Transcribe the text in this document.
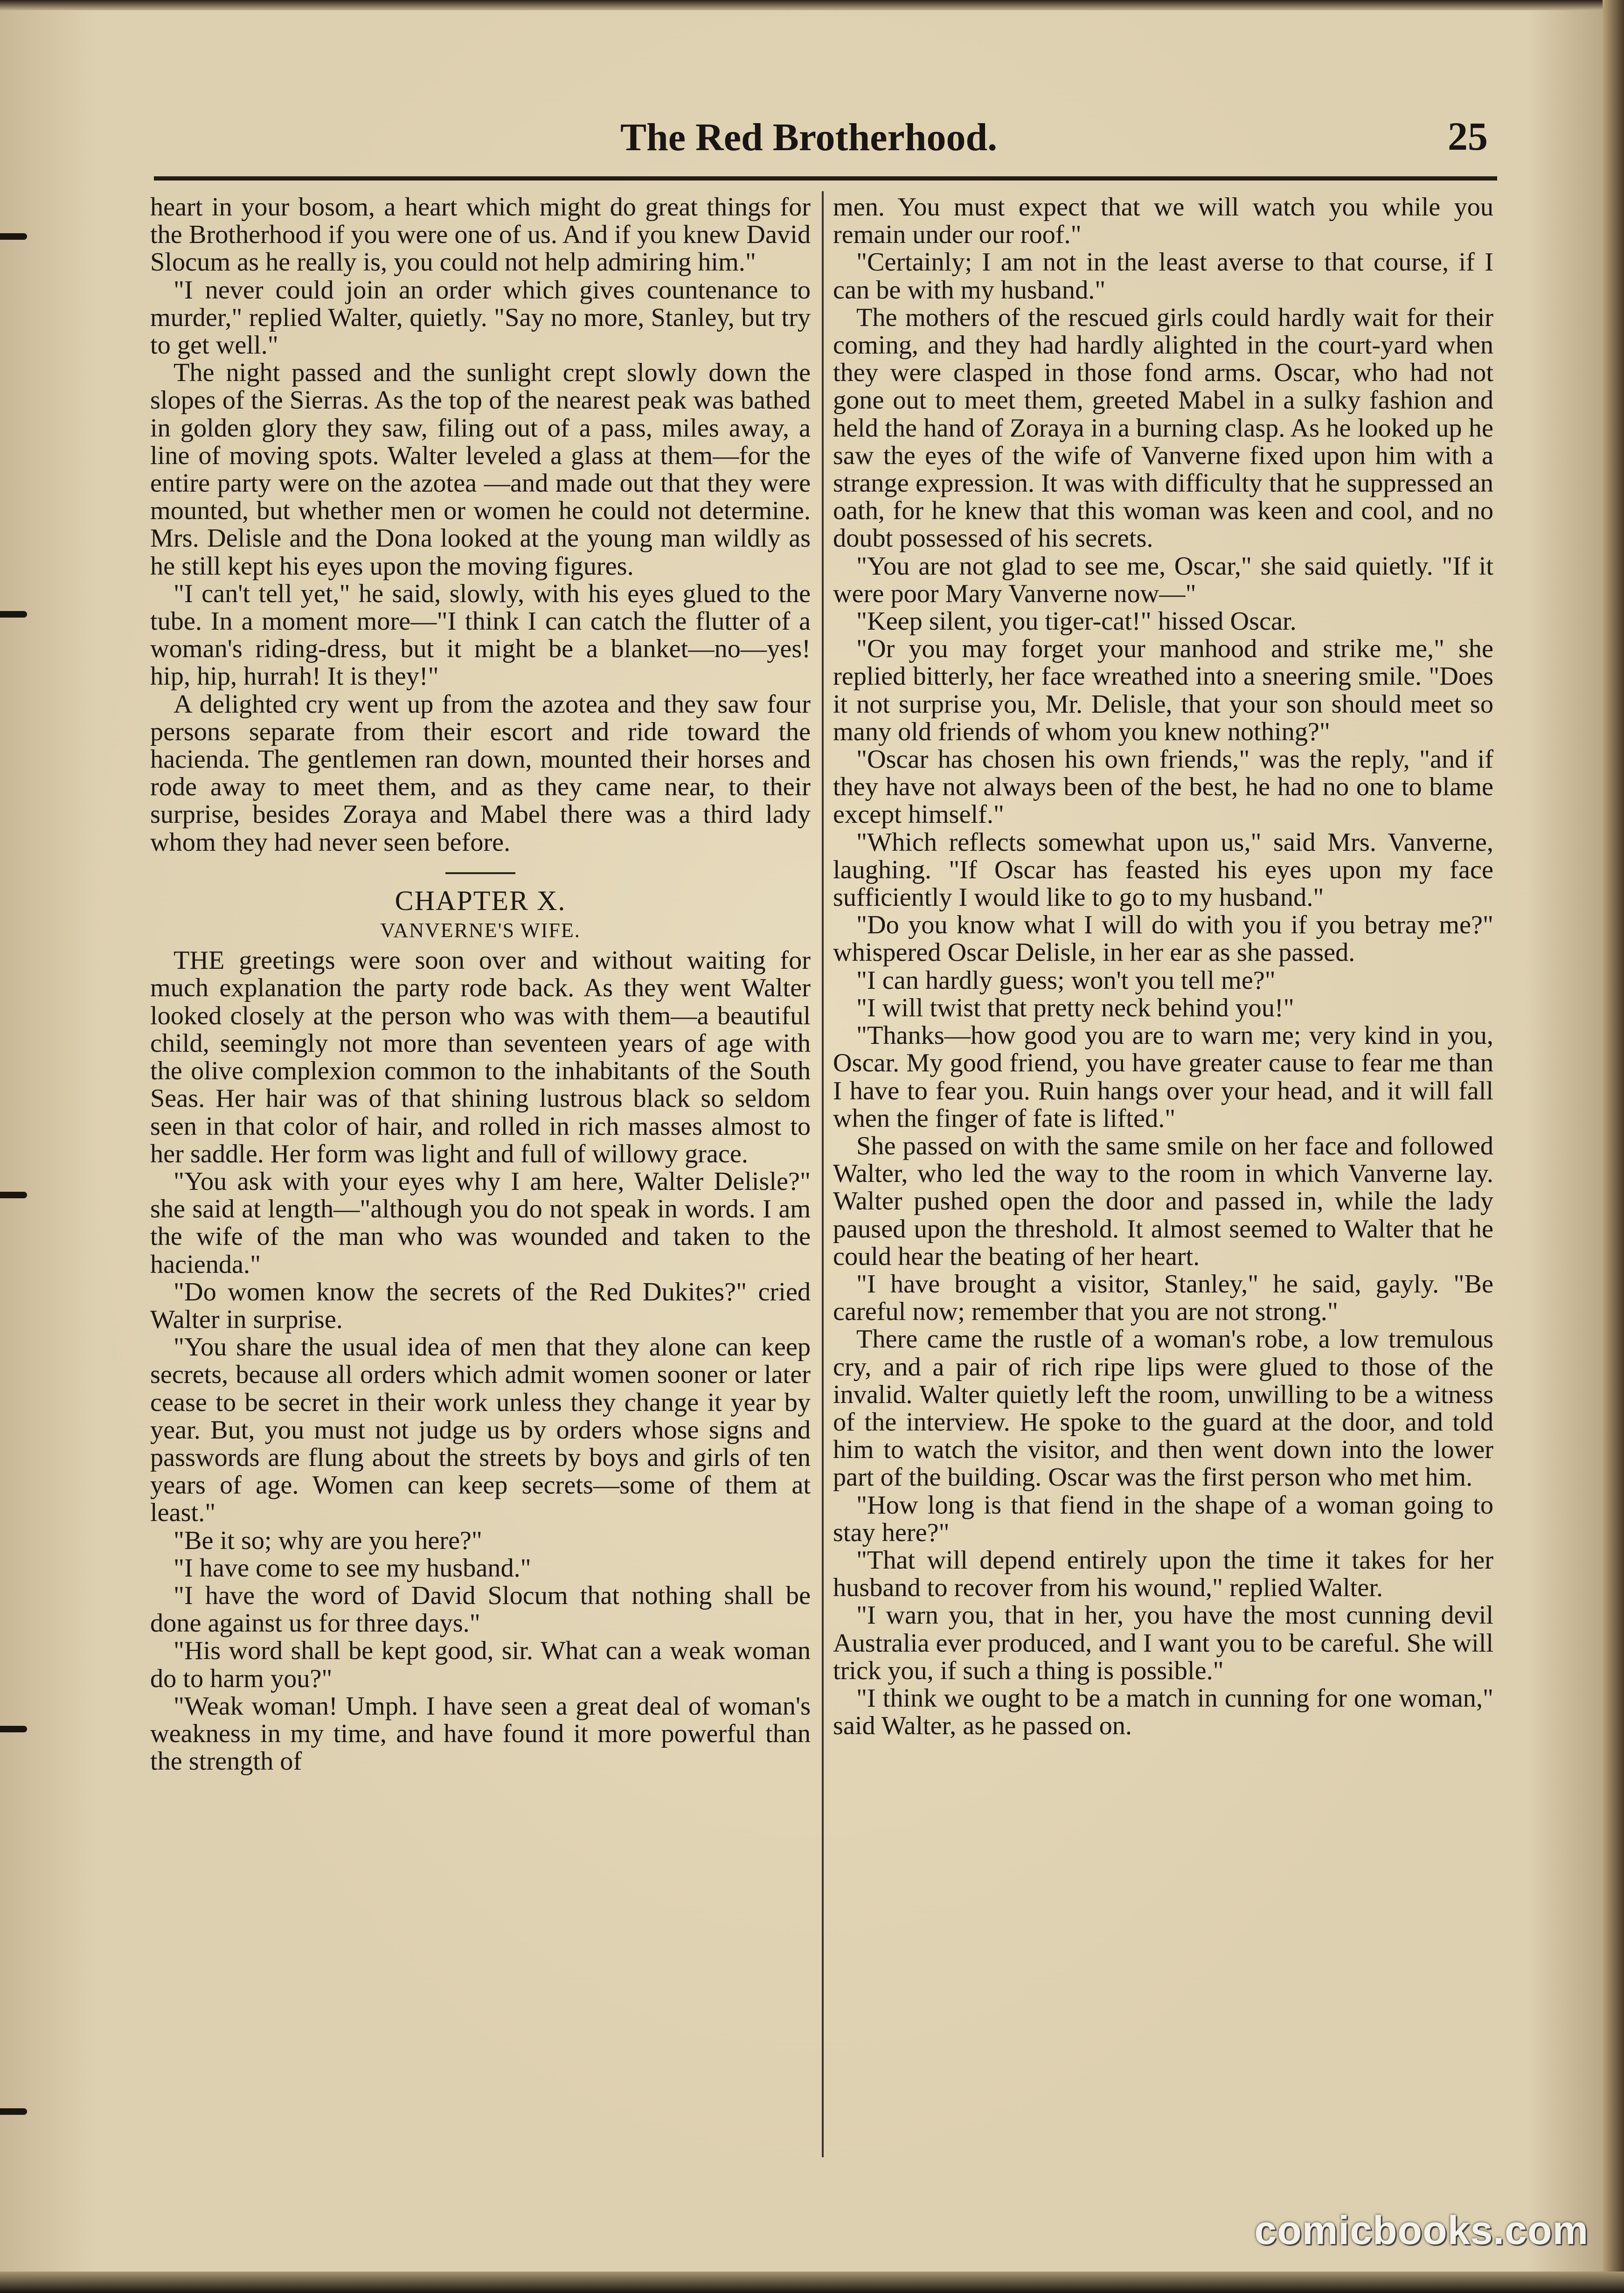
The Red Brotherhood.	25

heart in your bosom, a heart which might do great things for the Brotherhood if you were one of us. And if you knew David Slocum as he really is, you could not help admiring him."

"I never could join an order which gives countenance to murder," replied Walter, quietly. "Say no more, Stanley, but try to get well."

The night passed and the sunlight crept slowly down the slopes of the Sierras. As the top of the nearest peak was bathed in golden glory they saw, filing out of a pass, miles away, a line of moving spots. Walter leveled a glass at them—for the entire party were on the azotea —and made out that they were mounted, but whether men or women he could not determine. Mrs. Delisle and the Dona looked at the young man wildly as he still kept his eyes upon the moving figures.

"I can't tell yet," he said, slowly, with his eyes glued to the tube. In a moment more—"I think I can catch the flutter of a woman's riding-dress, but it might be a blanket—no—yes! hip, hip, hurrah! It is they!"

A delighted cry went up from the azotea and they saw four persons separate from their escort and ride toward the hacienda. The gentlemen ran down, mounted their horses and rode away to meet them, and as they came near, to their surprise, besides Zoraya and Mabel there was a third lady whom they had never seen before.

CHAPTER X.
VANVERNE'S WIFE.

THE greetings were soon over and without waiting for much explanation the party rode back. As they went Walter looked closely at the person who was with them—a beautiful child, seemingly not more than seventeen years of age with the olive complexion common to the inhabitants of the South Seas. Her hair was of that shining lustrous black so seldom seen in that color of hair, and rolled in rich masses almost to her saddle. Her form was light and full of willowy grace.

"You ask with your eyes why I am here, Walter Delisle?" she said at length—"although you do not speak in words. I am the wife of the man who was wounded and taken to the hacienda."

"Do women know the secrets of the Red Dukites?" cried Walter in surprise.

"You share the usual idea of men that they alone can keep secrets, because all orders which admit women sooner or later cease to be secret in their work unless they change it year by year. But, you must not judge us by orders whose signs and passwords are flung about the streets by boys and girls of ten years of age. Women can keep secrets—some of them at least."

"Be it so; why are you here?"

"I have come to see my husband."

"I have the word of David Slocum that nothing shall be done against us for three days."

"His word shall be kept good, sir. What can a weak woman do to harm you?"

"Weak woman! Umph. I have seen a great deal of woman's weakness in my time, and have found it more powerful than the strength of

men. You must expect that we will watch you while you remain under our roof."

"Certainly; I am not in the least averse to that course, if I can be with my husband."

The mothers of the rescued girls could hardly wait for their coming, and they had hardly alighted in the court-yard when they were clasped in those fond arms. Oscar, who had not gone out to meet them, greeted Mabel in a sulky fashion and held the hand of Zoraya in a burning clasp. As he looked up he saw the eyes of the wife of Vanverne fixed upon him with a strange expression. It was with difficulty that he suppressed an oath, for he knew that this woman was keen and cool, and no doubt possessed of his secrets.

"You are not glad to see me, Oscar," she said quietly. "If it were poor Mary Vanverne now—"

"Keep silent, you tiger-cat!" hissed Oscar.

"Or you may forget your manhood and strike me," she replied bitterly, her face wreathed into a sneering smile. "Does it not surprise you, Mr. Delisle, that your son should meet so many old friends of whom you knew nothing?"

"Oscar has chosen his own friends," was the reply, "and if they have not always been of the best, he had no one to blame except himself."

"Which reflects somewhat upon us," said Mrs. Vanverne, laughing. "If Oscar has feasted his eyes upon my face sufficiently I would like to go to my husband."

"Do you know what I will do with you if you betray me?" whispered Oscar Delisle, in her ear as she passed.

"I can hardly guess; won't you tell me?"

"I will twist that pretty neck behind you!"

"Thanks—how good you are to warn me; very kind in you, Oscar. My good friend, you have greater cause to fear me than I have to fear you. Ruin hangs over your head, and it will fall when the finger of fate is lifted."

She passed on with the same smile on her face and followed Walter, who led the way to the room in which Vanverne lay. Walter pushed open the door and passed in, while the lady paused upon the threshold. It almost seemed to Walter that he could hear the beating of her heart.

"I have brought a visitor, Stanley," he said, gayly. "Be careful now; remember that you are not strong."

There came the rustle of a woman's robe, a low tremulous cry, and a pair of rich ripe lips were glued to those of the invalid. Walter quietly left the room, unwilling to be a witness of the interview. He spoke to the guard at the door, and told him to watch the visitor, and then went down into the lower part of the building. Oscar was the first person who met him.

"How long is that fiend in the shape of a woman going to stay here?"

"That will depend entirely upon the time it takes for her husband to recover from his wound," replied Walter.

"I warn you, that in her, you have the most cunning devil Australia ever produced, and I want you to be careful. She will trick you, if such a thing is possible."

"I think we ought to be a match in cunning for one woman," said Walter, as he passed on.

comicbooks.com
